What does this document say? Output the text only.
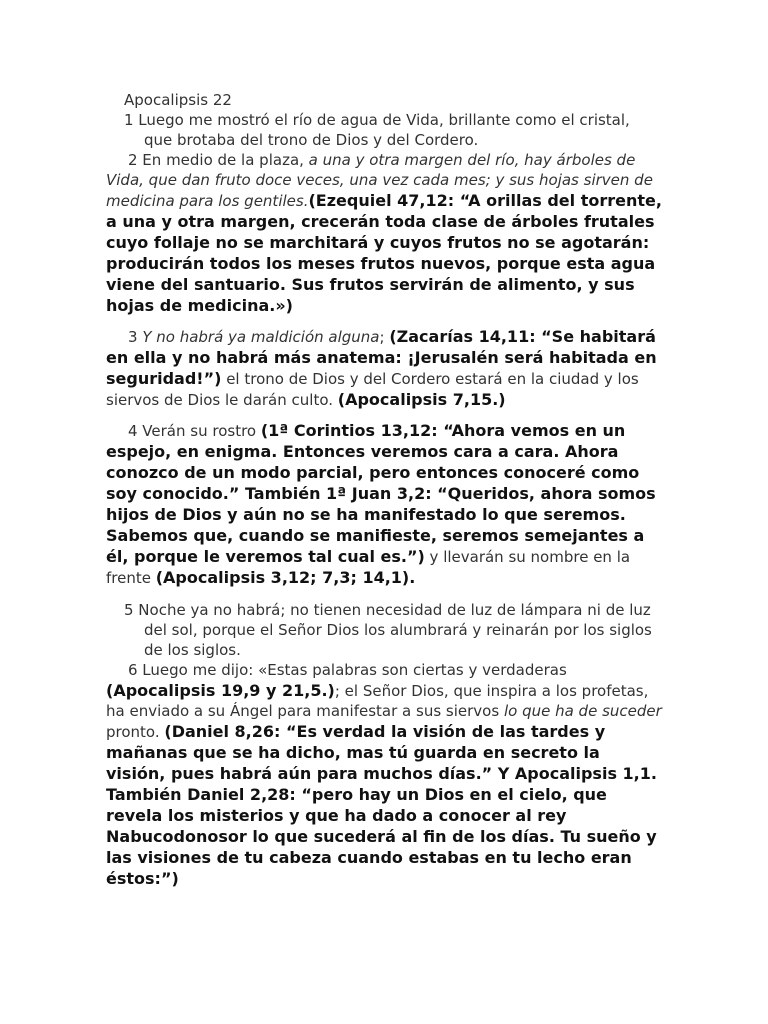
Apocalipsis 22

1 Luego me mostró el río de agua de Vida, brillante como el cristal, que brotaba del trono de Dios y del Cordero.

2 En medio de la plaza, a una y otra margen del río, hay árboles de Vida, que dan fruto doce veces, una vez cada mes; y sus hojas sirven de medicina para los gentiles.(Ezequiel 47,12: “A orillas del torrente, a una y otra margen, crecerán toda clase de árboles frutales cuyo follaje no se marchitará y cuyos frutos no se agotarán: producirán todos los meses frutos nuevos, porque esta agua viene del santuario. Sus frutos servirán de alimento, y sus hojas de medicina.»)

3 Y no habrá ya maldición alguna; (Zacarías 14,11: “Se habitará en ella y no habrá más anatema: ¡Jerusalén será habitada en seguridad!”) el trono de Dios y del Cordero estará en la ciudad y los siervos de Dios le darán culto. (Apocalipsis 7,15.)

4 Verán su rostro (1ª Corintios 13,12: “Ahora vemos en un espejo, en enigma. Entonces veremos cara a cara. Ahora conozco de un modo parcial, pero entonces conoceré como soy conocido.” También 1ª Juan 3,2: “Queridos, ahora somos hijos de Dios y aún no se ha manifestado lo que seremos. Sabemos que, cuando se manifieste, seremos semejantes a él, porque le veremos tal cual es.”) y llevarán su nombre en la frente (Apocalipsis 3,12; 7,3; 14,1).

5 Noche ya no habrá; no tienen necesidad de luz de lámpara ni de luz del sol, porque el Señor Dios los alumbrará y reinarán por los siglos de los siglos.

6 Luego me dijo: «Estas palabras son ciertas y verdaderas (Apocalipsis 19,9 y 21,5.); el Señor Dios, que inspira a los profetas, ha enviado a su Ángel para manifestar a sus siervos lo que ha de suceder pronto. (Daniel 8,26: “Es verdad la visión de las tardes y mañanas que se ha dicho, mas tú guarda en secreto la visión, pues habrá aún para muchos días.” Y Apocalipsis 1,1. También Daniel 2,28: “pero hay un Dios en el cielo, que revela los misterios y que ha dado a conocer al rey Nabucodonosor lo que sucederá al fin de los días. Tu sueño y las visiones de tu cabeza cuando estabas en tu lecho eran éstos:”)
